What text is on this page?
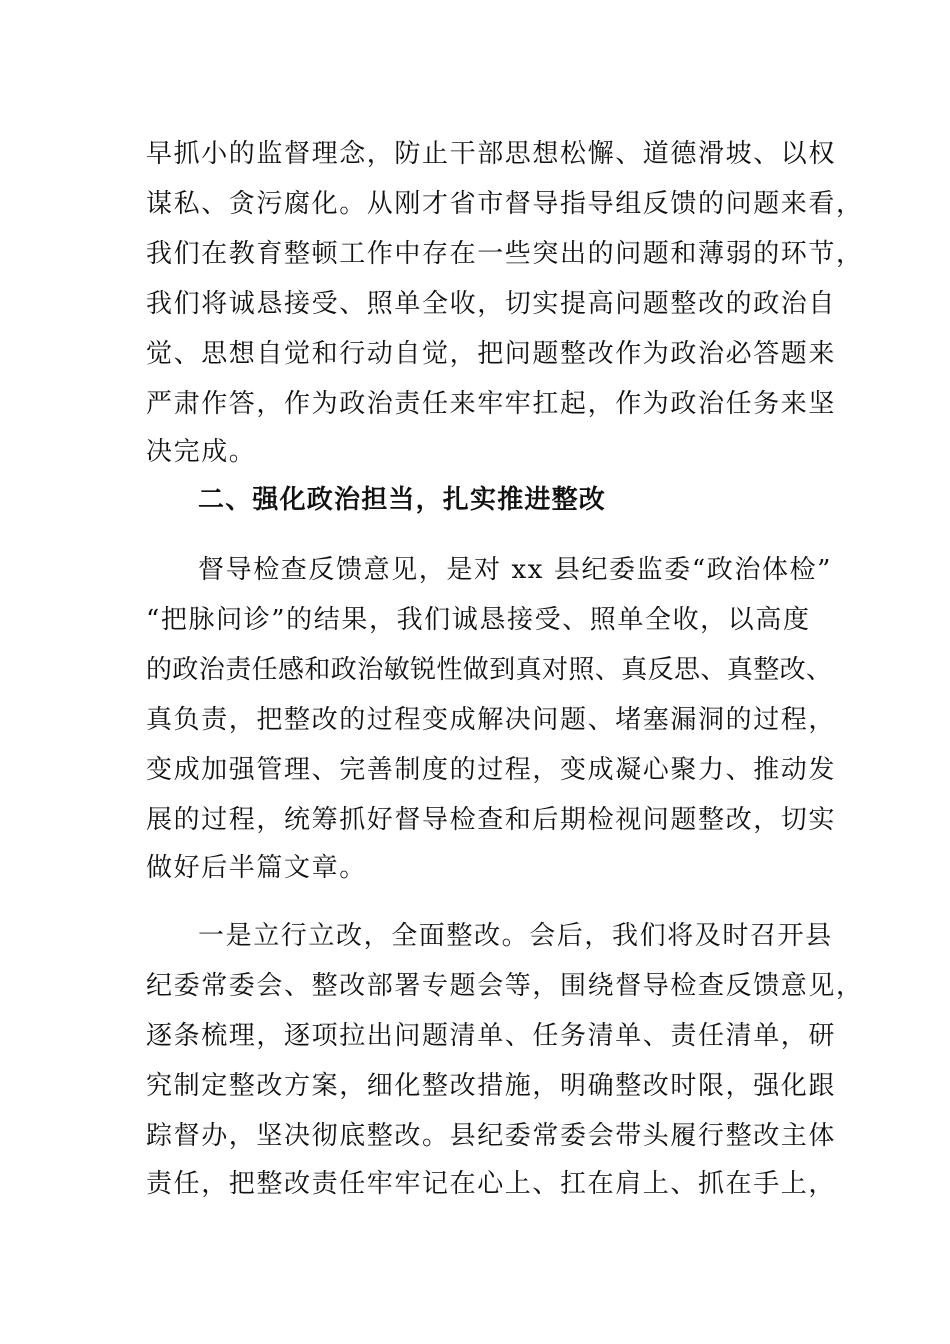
早抓小的监督理念，防止干部思想松懈、道德滑坡、以权

谋私、贪污腐化。从刚才省市督导指导组反馈的问题来看，

我们在教育整顿工作中存在一些突出的问题和薄弱的环节，

我们将诚恳接受、照单全收，切实提高问题整改的政治自

觉、思想自觉和行动自觉，把问题整改作为政治必答题来

严肃作答，作为政治责任来牢牢扛起，作为政治任务来坚

决完成。

二、强化政治担当，扎实推进整改

督导检查反馈意见，是对 xx 县纪委监委“政治体检”

“把脉问诊”的结果，我们诚恳接受、照单全收，以高度

的政治责任感和政治敏锐性做到真对照、真反思、真整改、

真负责，把整改的过程变成解决问题、堵塞漏洞的过程，

变成加强管理、完善制度的过程，变成凝心聚力、推动发

展的过程，统筹抓好督导检查和后期检视问题整改，切实

做好后半篇文章。

一是立行立改，全面整改。会后，我们将及时召开县

纪委常委会、整改部署专题会等，围绕督导检查反馈意见，

逐条梳理，逐项拉出问题清单、任务清单、责任清单，研

究制定整改方案，细化整改措施，明确整改时限，强化跟

踪督办，坚决彻底整改。县纪委常委会带头履行整改主体

责任，把整改责任牢牢记在心上、扛在肩上、抓在手上，
